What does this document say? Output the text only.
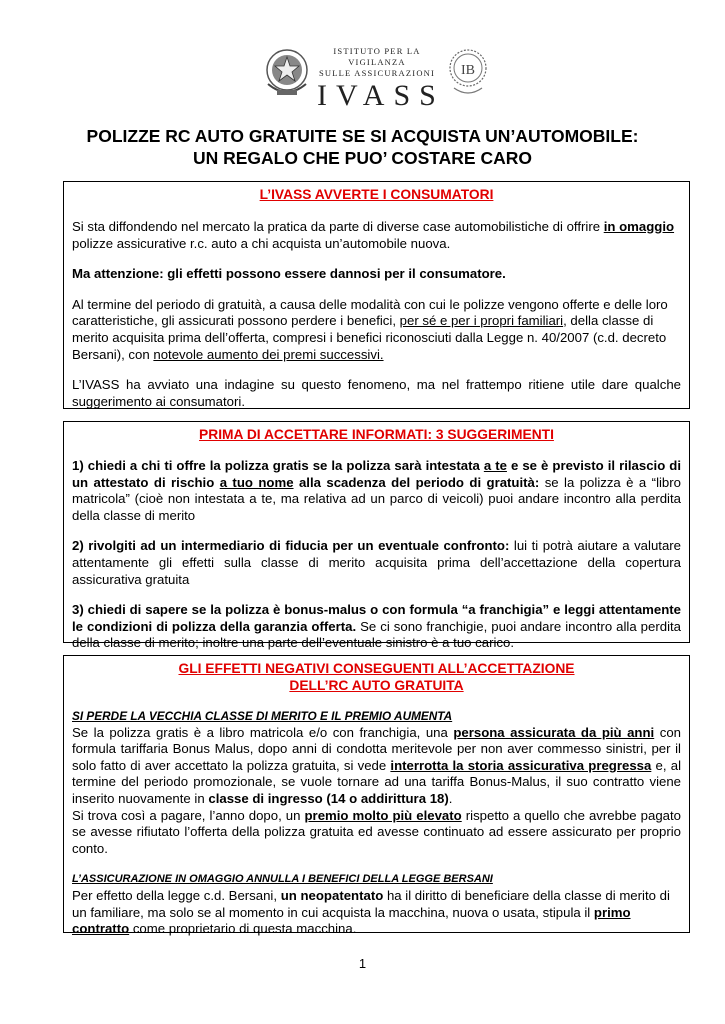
ISTITUTO PER LA VIGILANZA
SULLE ASSICURAZIONI
IVASS
IB
POLIZZE RC AUTO GRATUITE SE SI ACQUISTA UN’AUTOMOBILE:
UN REGALO CHE PUO’ COSTARE CARO
L’IVASS AVVERTE I CONSUMATORI

Si sta diffondendo nel mercato la pratica da parte di diverse case automobilistiche di offrire in omaggio polizze assicurative r.c. auto a chi acquista un’automobile nuova.

Ma attenzione: gli effetti possono essere dannosi per il consumatore.

Al termine del periodo di gratuità, a causa delle modalità con cui le polizze vengono offerte e delle loro caratteristiche, gli assicurati possono perdere i benefici, per sé e per i propri familiari, della classe di merito acquisita prima dell’offerta, compresi i benefici riconosciuti dalla Legge n. 40/2007 (c.d. decreto Bersani), con notevole aumento dei premi successivi.

L’IVASS ha avviato una indagine su questo fenomeno, ma nel frattempo ritiene utile dare qualche suggerimento ai consumatori.

PRIMA DI ACCETTARE INFORMATI: 3 SUGGERIMENTI

1) chiedi a chi ti offre la polizza gratis se la polizza sarà intestata a te e se è previsto il rilascio di un attestato di rischio a tuo nome alla scadenza del periodo di gratuità: se la polizza è a “libro matricola” (cioè non intestata a te, ma relativa ad un parco di veicoli) puoi andare incontro alla perdita della classe di merito

2) rivolgiti ad un intermediario di fiducia per un eventuale confronto: lui ti potrà aiutare a valutare attentamente gli effetti sulla classe di merito acquisita prima dell’accettazione della copertura assicurativa gratuita

3) chiedi di sapere se la polizza è bonus-malus o con formula “a franchigia” e leggi attentamente le condizioni di polizza della garanzia offerta. Se ci sono franchigie, puoi andare incontro alla perdita della classe di merito; inoltre una parte dell’eventuale sinistro è a tuo carico.

GLI EFFETTI NEGATIVI CONSEGUENTI ALL’ACCETTAZIONE
DELL’RC AUTO GRATUITA
SI PERDE LA VECCHIA CLASSE DI MERITO E IL PREMIO AUMENTA
Se la polizza gratis è a libro matricola e/o con franchigia, una persona assicurata da più anni con formula tariffaria Bonus Malus, dopo anni di condotta meritevole per non aver commesso sinistri, per il solo fatto di aver accettato la polizza gratuita, si vede interrotta la storia assicurativa pregressa e, al termine del periodo promozionale, se vuole tornare ad una tariffa Bonus-Malus, il suo contratto viene inserito nuovamente in classe di ingresso (14 o addirittura 18).
Si trova così a pagare, l’anno dopo, un premio molto più elevato rispetto a quello che avrebbe pagato se avesse rifiutato l’offerta della polizza gratuita ed avesse continuato ad essere assicurato per proprio conto.
L’ASSICURAZIONE IN OMAGGIO ANNULLA I BENEFICI DELLA LEGGE BERSANI
Per effetto della legge c.d. Bersani, un neopatentato ha il diritto di beneficiare della classe di merito di un familiare, ma solo se al momento in cui acquista la macchina, nuova o usata, stipula il primo contratto come proprietario di questa macchina.
1
